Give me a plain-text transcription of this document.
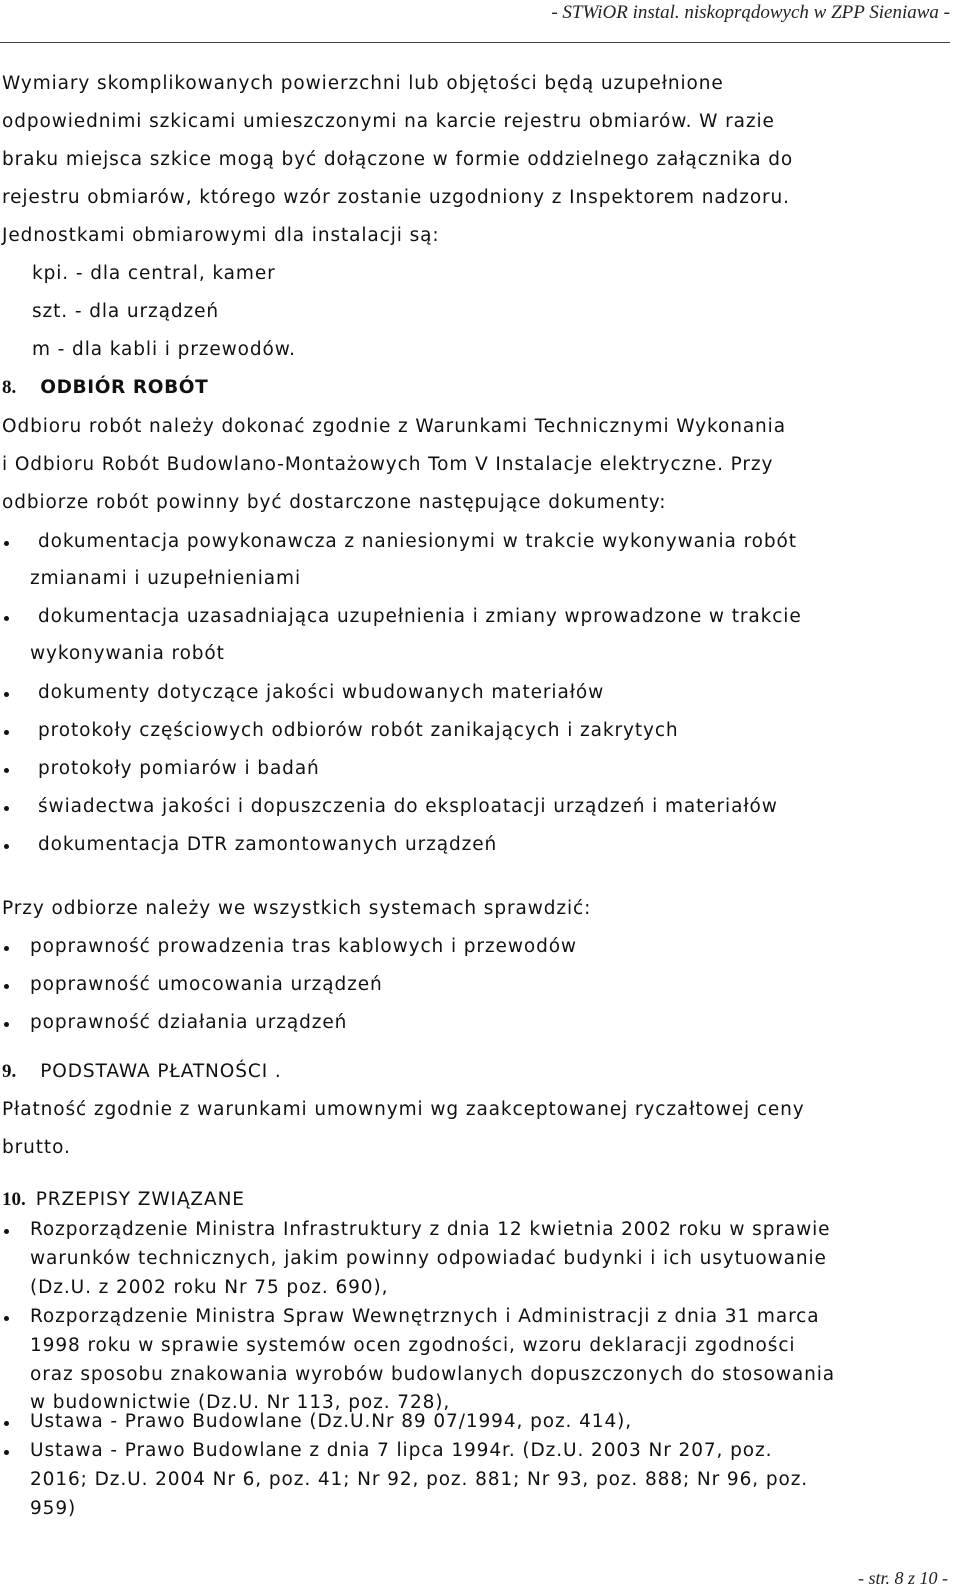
- STWiOR instal. niskoprądowych w ZPP Sieniawa -
Wymiary skomplikowanych powierzchni lub objętości będą uzupełnione
odpowiednimi szkicami umieszczonymi na karcie rejestru obmiarów. W razie
braku miejsca szkice mogą być dołączone w formie oddzielnego załącznika do
rejestru obmiarów, którego wzór zostanie uzgodniony z Inspektorem nadzoru.
Jednostkami obmiarowymi dla instalacji są:
kpi. - dla central, kamer
szt. - dla urządzeń
m - dla kabli i przewodów.
8. ODBIÓR ROBÓT
Odbioru robót należy dokonać zgodnie z Warunkami Technicznymi Wykonania
i Odbioru Robót Budowlano-Montażowych Tom V Instalacje elektryczne. Przy
odbiorze robót powinny być dostarczone następujące dokumenty:
dokumentacja powykonawcza z naniesionymi w trakcie wykonywania robót
zmianami i uzupełnieniami
dokumentacja uzasadniająca uzupełnienia i zmiany wprowadzone w trakcie
wykonywania robót
dokumenty dotyczące jakości wbudowanych materiałów
protokoły częściowych odbiorów robót zanikających i zakrytych
protokoły pomiarów i badań
świadectwa jakości i dopuszczenia do eksploatacji urządzeń i materiałów
dokumentacja DTR zamontowanych urządzeń
Przy odbiorze należy we wszystkich systemach sprawdzić:
poprawność prowadzenia tras kablowych i przewodów
poprawność umocowania urządzeń
poprawność działania urządzeń
9. PODSTAWA PŁATNOŚCI .
Płatność zgodnie z warunkami umownymi wg zaakceptowanej ryczałtowej ceny
brutto.
10. PRZEPISY ZWIĄZANE
Rozporządzenie Ministra Infrastruktury z dnia 12 kwietnia 2002 roku w sprawie
warunków technicznych, jakim powinny odpowiadać budynki i ich usytuowanie
(Dz.U. z 2002 roku Nr 75 poz. 690),
Rozporządzenie Ministra Spraw Wewnętrznych i Administracji z dnia 31 marca
1998 roku w sprawie systemów ocen zgodności, wzoru deklaracji zgodności
oraz sposobu znakowania wyrobów budowlanych dopuszczonych do stosowania
w budownictwie (Dz.U. Nr 113, poz. 728),
Ustawa - Prawo Budowlane (Dz.U.Nr 89 07/1994, poz. 414),
Ustawa - Prawo Budowlane z dnia 7 lipca 1994r. (Dz.U. 2003 Nr 207, poz.
2016; Dz.U. 2004 Nr 6, poz. 41; Nr 92, poz. 881; Nr 93, poz. 888; Nr 96, poz.
959)
- str. 8 z 10 -
